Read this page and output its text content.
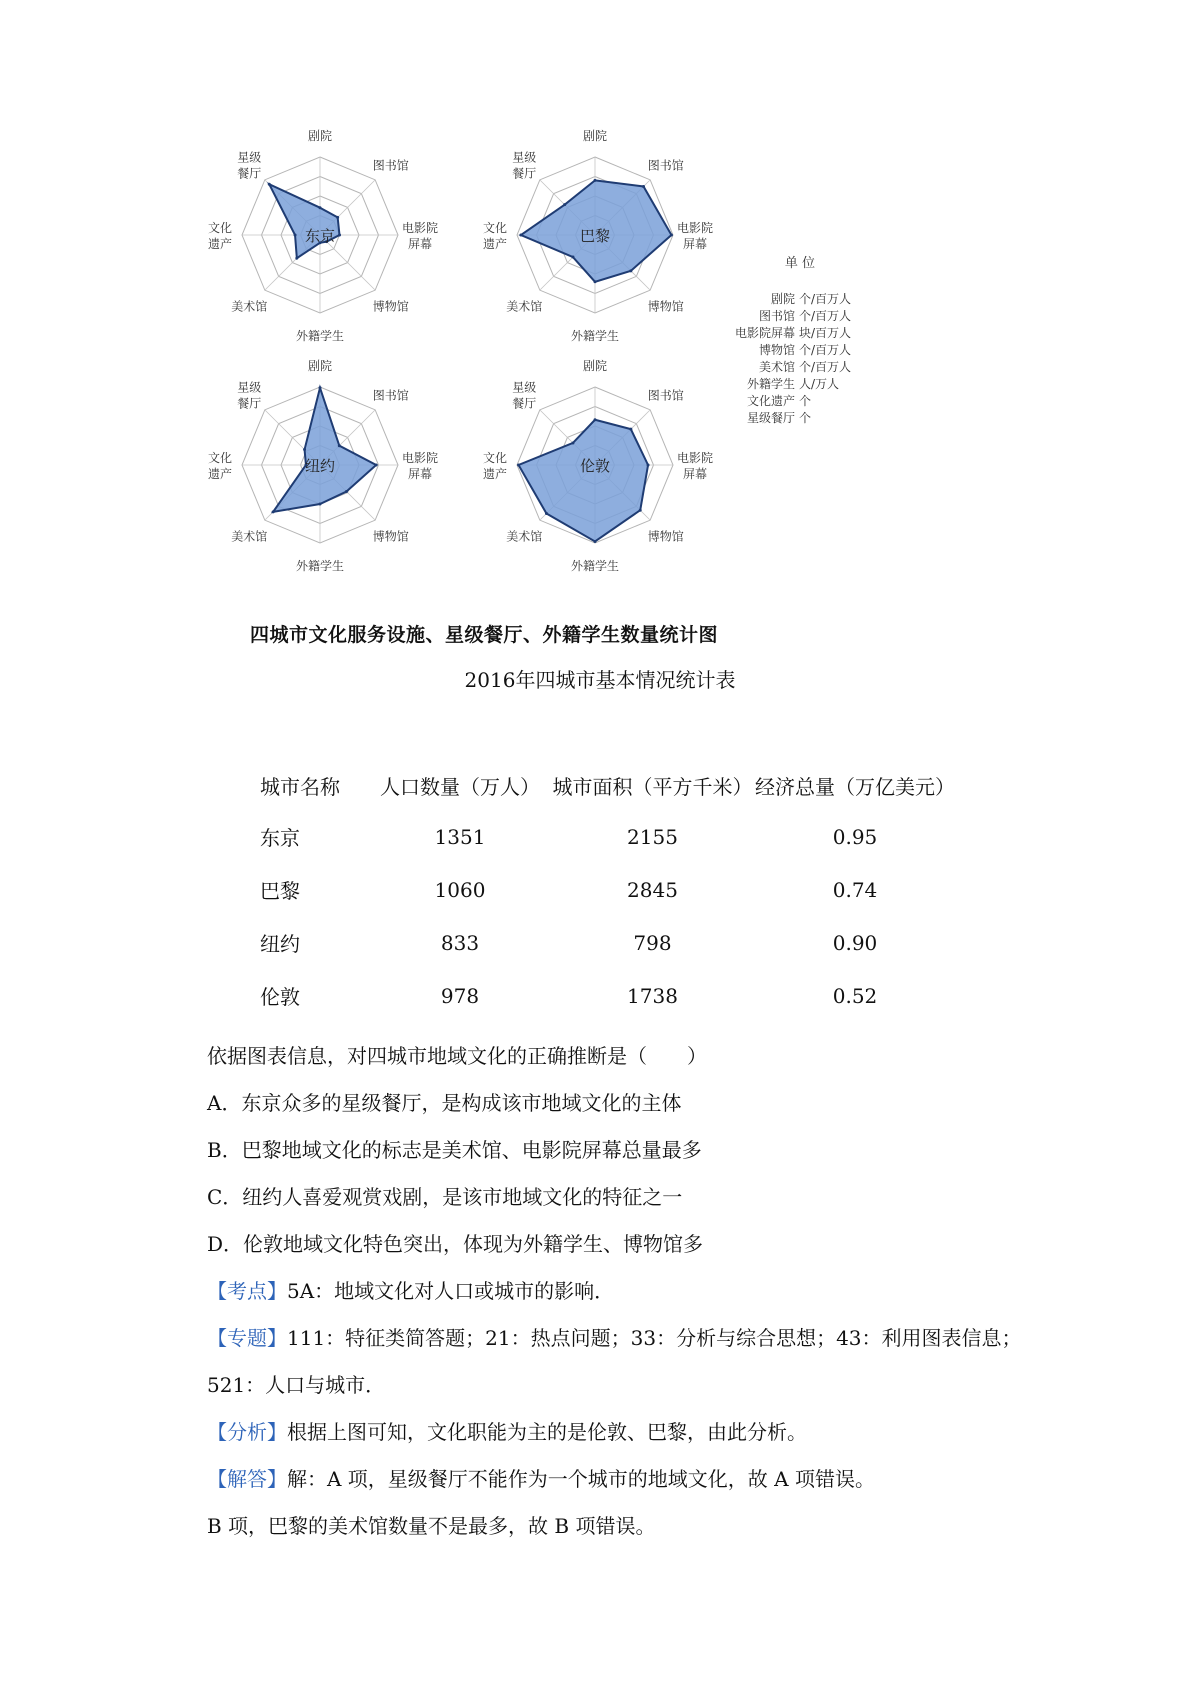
东京
剧院
图书馆
电影院
屏幕
博物馆
外籍学生
美术馆
文化
遗产
星级
餐厅
巴黎
剧院
图书馆
电影院
屏幕
博物馆
外籍学生
美术馆
文化
遗产
星级
餐厅
纽约
剧院
图书馆
电影院
屏幕
博物馆
外籍学生
美术馆
文化
遗产
星级
餐厅
伦敦
剧院
图书馆
电影院
屏幕
博物馆
外籍学生
美术馆
文化
遗产
星级
餐厅
单 位
剧院 个/百万人
图书馆 个/百万人
电影院屏幕 块/百万人
博物馆 个/百万人
美术馆 个/百万人
外籍学生 人/万人
文化遗产 个
星级餐厅 个
四城市文化服务设施、星级餐厅、外籍学生数量统计图
2016年四城市基本情况统计表
城市名称	人口数量（万人）	城市面积（平方千米）	经济总量（万亿美元）
东京	1351	2155	0.95
巴黎	1060	2845	0.74
纽约	833	798	0.90
伦敦	978	1738	0.52

依据图表信息，对四城市地域文化的正确推断是（　　）

A．东京众多的星级餐厅，是构成该市地域文化的主体

B．巴黎地域文化的标志是美术馆、电影院屏幕总量最多

C．纽约人喜爱观赏戏剧，是该市地域文化的特征之一

D．伦敦地域文化特色突出，体现为外籍学生、博物馆多

【考点】5A：地域文化对人口或城市的影响．

【专题】111：特征类简答题；21：热点问题；33：分析与综合思想；43：利用图表信息；

521：人口与城市．

【分析】根据上图可知，文化职能为主的是伦敦、巴黎，由此分析。

【解答】解：A 项，星级餐厅不能作为一个城市的地域文化，故 A 项错误。

B 项，巴黎的美术馆数量不是最多，故 B 项错误。
